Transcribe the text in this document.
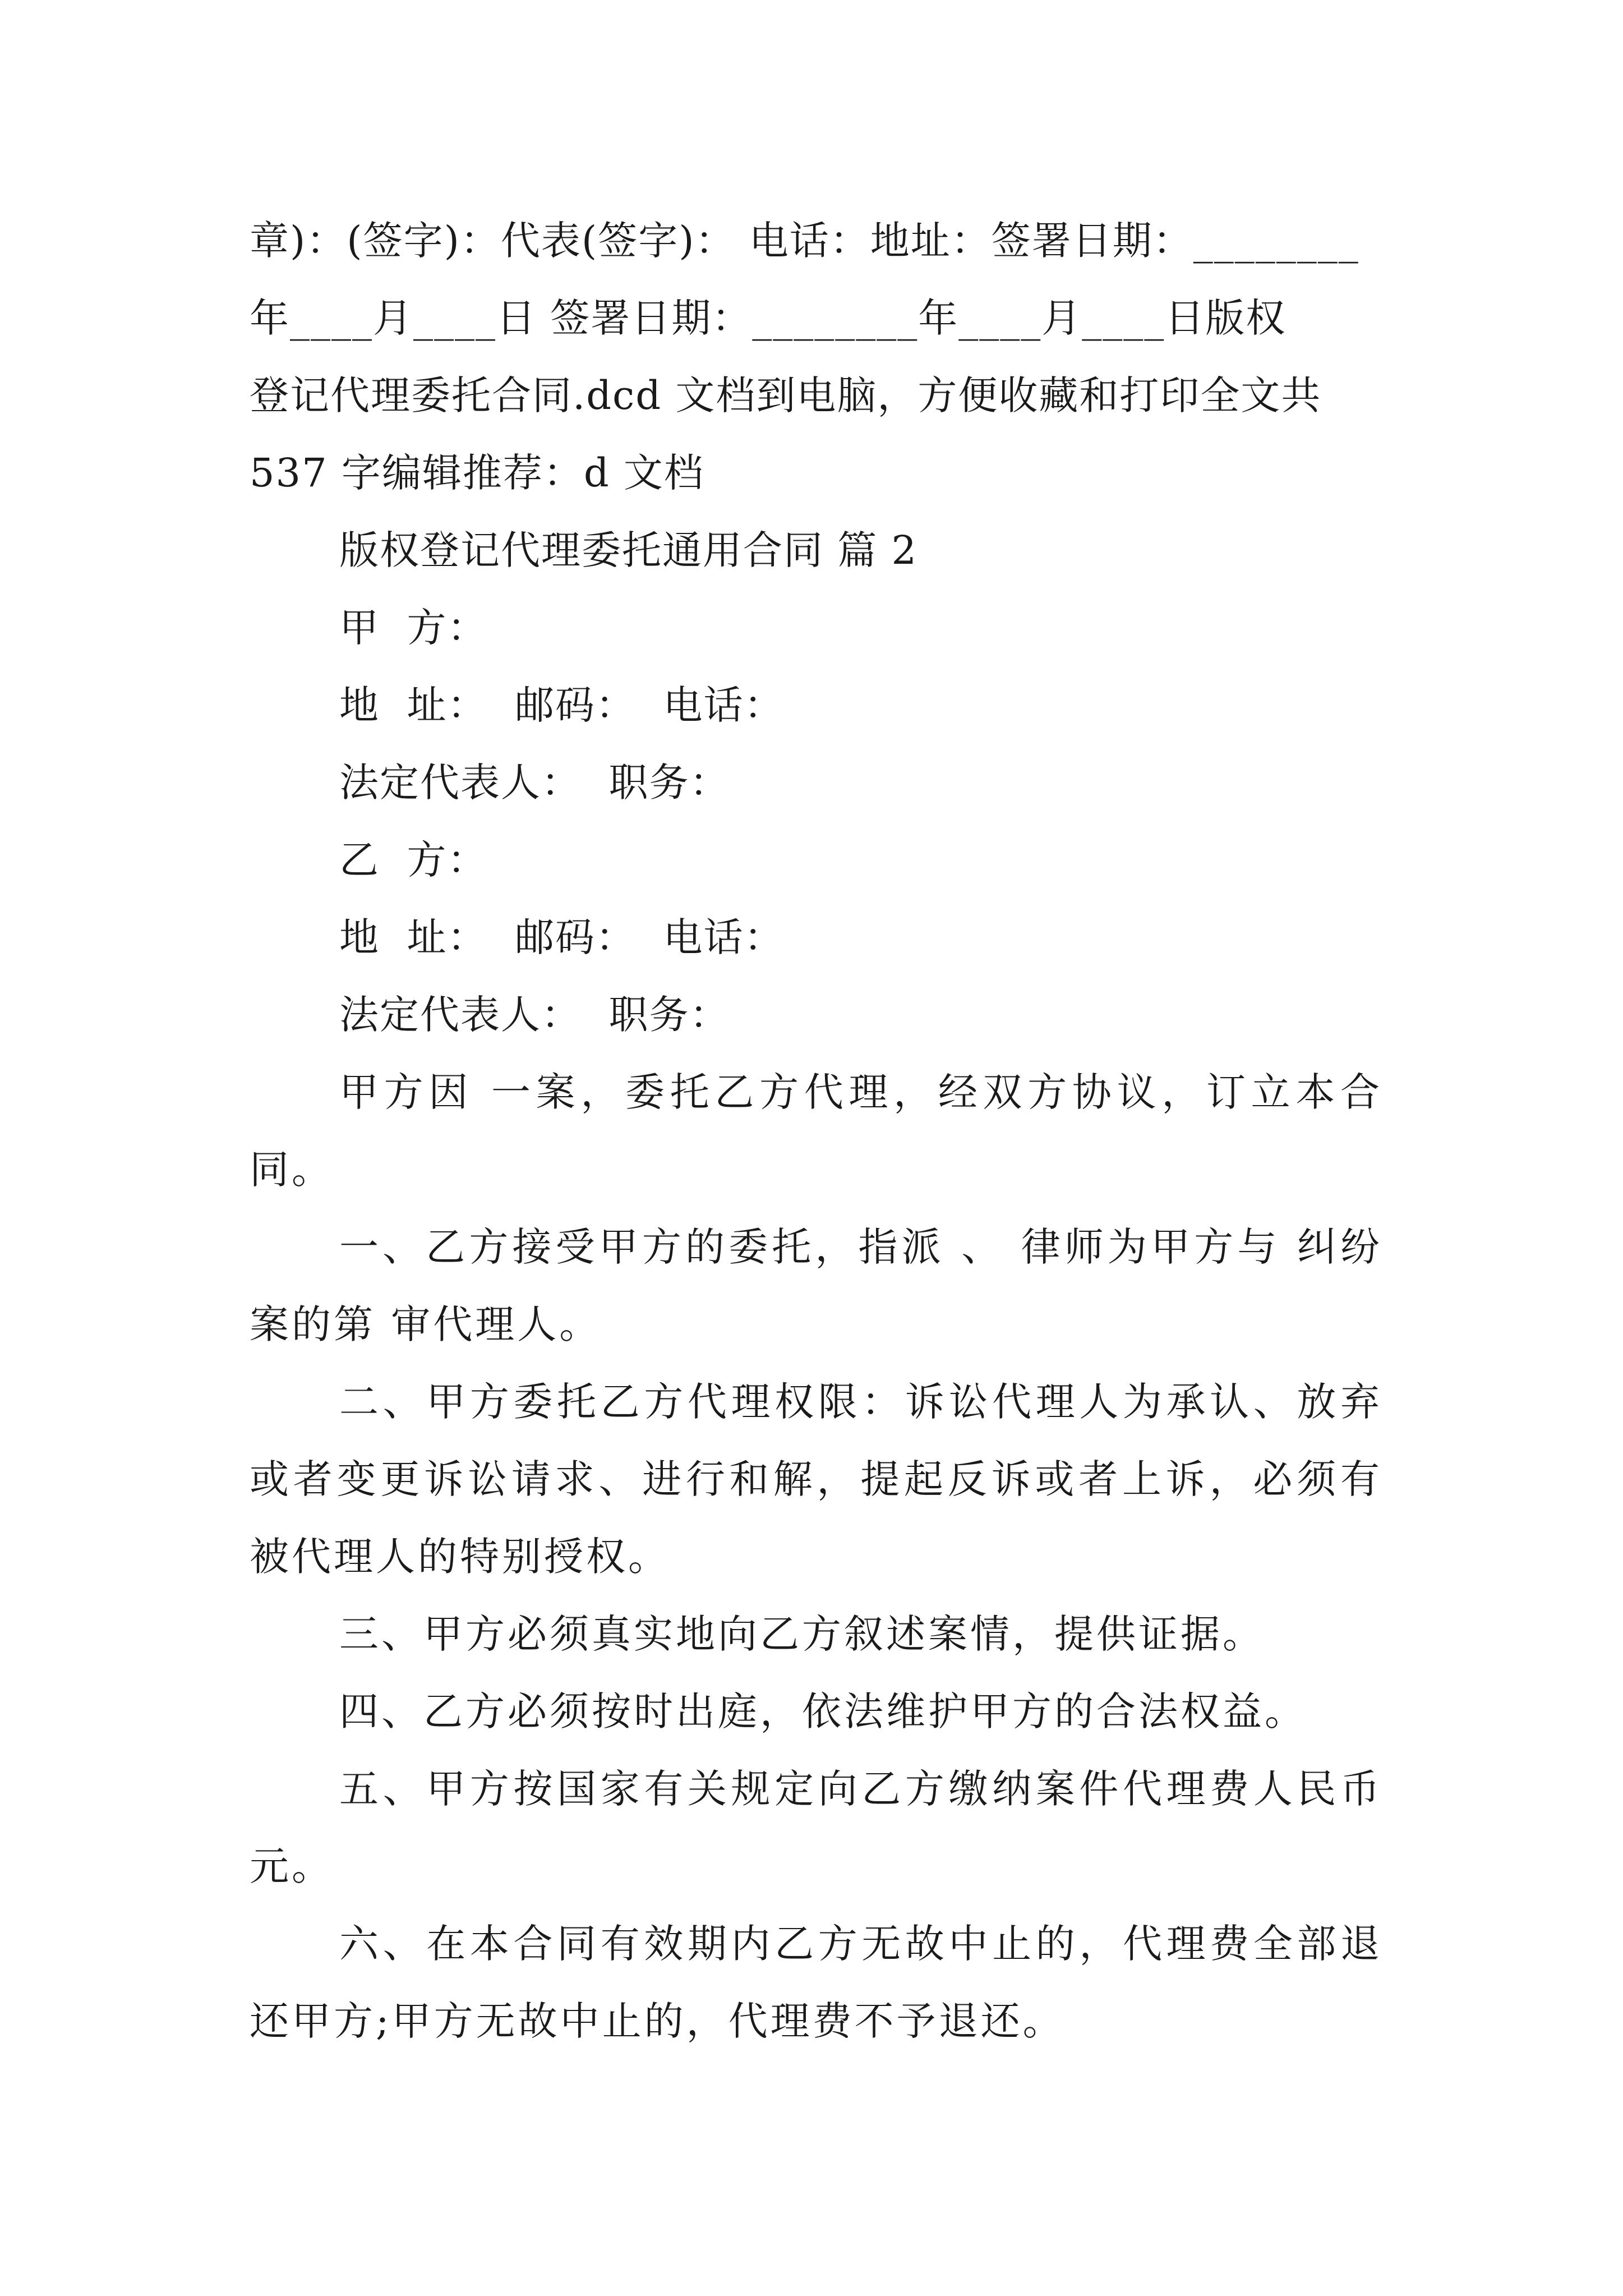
章)：(签字)：代表(签字)： 电话：地址：签署日期：________
年____月____日 签署日期：________年____月____日版权
登记代理委托合同.dcd 文档到电脑，方便收藏和打印全文共
537 字编辑推荐：d 文档
版权登记代理委托通用合同 篇 2
甲  方：
地  址：  邮码：  电话：
法定代表人：  职务：
乙  方：
地  址：  邮码：  电话：
法定代表人：  职务：

甲方因 一案，委托乙方代理，经双方协议，订立本合同。

一、乙方接受甲方的委托，指派 、 律师为甲方与 纠纷案的第 审代理人。

二、甲方委托乙方代理权限：诉讼代理人为承认、放弃或者变更诉讼请求、进行和解，提起反诉或者上诉，必须有被代理人的特别授权。

三、甲方必须真实地向乙方叙述案情，提供证据。

四、乙方必须按时出庭，依法维护甲方的合法权益。

五、甲方按国家有关规定向乙方缴纳案件代理费人民币元。

六、在本合同有效期内乙方无故中止的，代理费全部退还甲方;甲方无故中止的，代理费不予退还。
